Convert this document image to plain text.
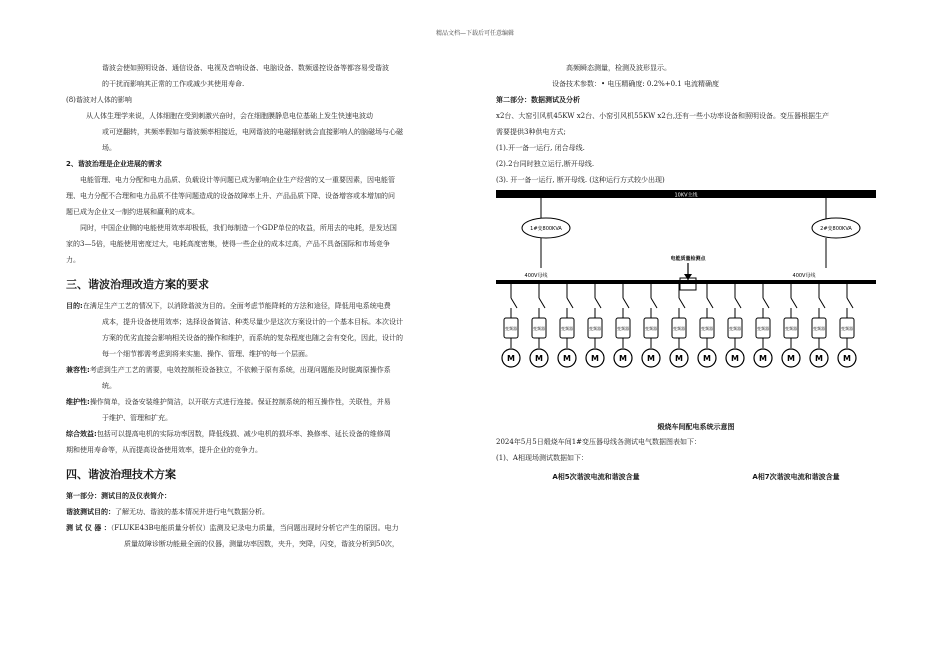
精品文档—下载后可任意编辑

谐波会使如照明设备、通信设备、电视及音响设备、电脑设备、数频遥控设备等都容易受谐波

的干扰而影响其正常的工作或减少其使用寿命.

(8)谐波对人体的影响

从人体生理学来说，人体细胞在受到刺激兴奋时，会在细胞膜静息电位基础上发生快速电波动

或可逆翻转，其频率假如与谐波频率相接近，电网谐波的电磁辐射就会直接影响人的脑磁场与心磁

场。

2、谐波治理是企业进展的需求

电能管理、电力分配和电力品质、负载设计等问题已成为影响企业生产经营的又一重要因素，因电能管

理、电力分配不合理和电力品质不佳等问题造成的设备故障率上升、产品品质下降、设备增容或本增加的问

题已成为企业又一制约进展和赢利的成本。

同时，中国企业侧的电能使用效率却极低，我们每制造一个GDP单位的收益，所用去的电耗，是发达国

家的3—5倍，电能使用密度过大，电耗高度密集，使得一些企业的成本过高，产品不具备国际和市场竞争

力。

三、谐波治理改造方案的要求

目的:在满足生产工艺的情况下，以消除谐波为目的。全面考虑节能降耗的方法和途径，降低用电系统电费

成本，提升设备使用效率；选择设备简洁、种类尽量少是这次方案设计的一个基本目标。本次设计

方案的优劣直接会影响相关设备的操作和维护，而系统的复杂程度也随之会有变化，因此，设计的

每一个细节都需考虑到将来实施、操作、管理、维护的每一个层面。

兼容性:考虑到生产工艺的需要，电效控制柜设备独立，不依赖于原有系统，出现问题能及时脱离原操作系

统。

维护性:操作简单，设备安装维护简洁，以开联方式进行连接。保证控制系统的相互操作性，关联性，并易

于维护、管理和扩充。

综合效益:包括可以提高电机的实际功率因数，降低线损、减少电机的损坏率、换修率、延长设备的维修周

期和使用寿命等，从而提高设备使用效率，提升企业的竞争力。

四、谐波治理技术方案

第一部分：测试目的及仪表简介：

谐波测试目的：了解无功、谐波的基本情况并进行电气数据分析。

测 试 仪 器 ：（FLUKE43B电能质量分析仪）监测及记录电力质量，当问题出现时分析它产生的原因。电力

质量故障诊断功能最全面的仪器，测量功率因数，夹升，突降，闪变，谐波分析到50次，

高频瞬态测量，检测及波形显示。

设备技术参数：• 电压精确度: 0.2%+0.1 电流精确度

第二部分：数据测试及分析

x2台、大窑引风机45KW x2台、小窑引风机55KW x2台,还有一些小功率设备和照明设备。变压器根据生产

需要提供3种供电方式;

(1).开一备一运行, 闭合母线.

(2).2台同时独立运行,断开母线.

(3). 开一备一运行, 断开母线. (这种运行方式较少出现)

10KV主线
1#变800KVA	2#变800KVA
400V母线	400V母线
电能质量检测点
变频器
M
变频器
M
变频器
M
变频器
M
变频器
M
变频器
M
变频器
M
变频器
M
变频器
M
变频器
M
变频器
M
变频器
M
变频器
M
煅烧车间配电系统示意图

2024年5月5日煅烧车间1#变压器母线各测试电气数据图表如下：

(1)、A相现场测试数据如下：

A相5次谐波电流和谐波含量	A相7次谐波电流和谐波含量
